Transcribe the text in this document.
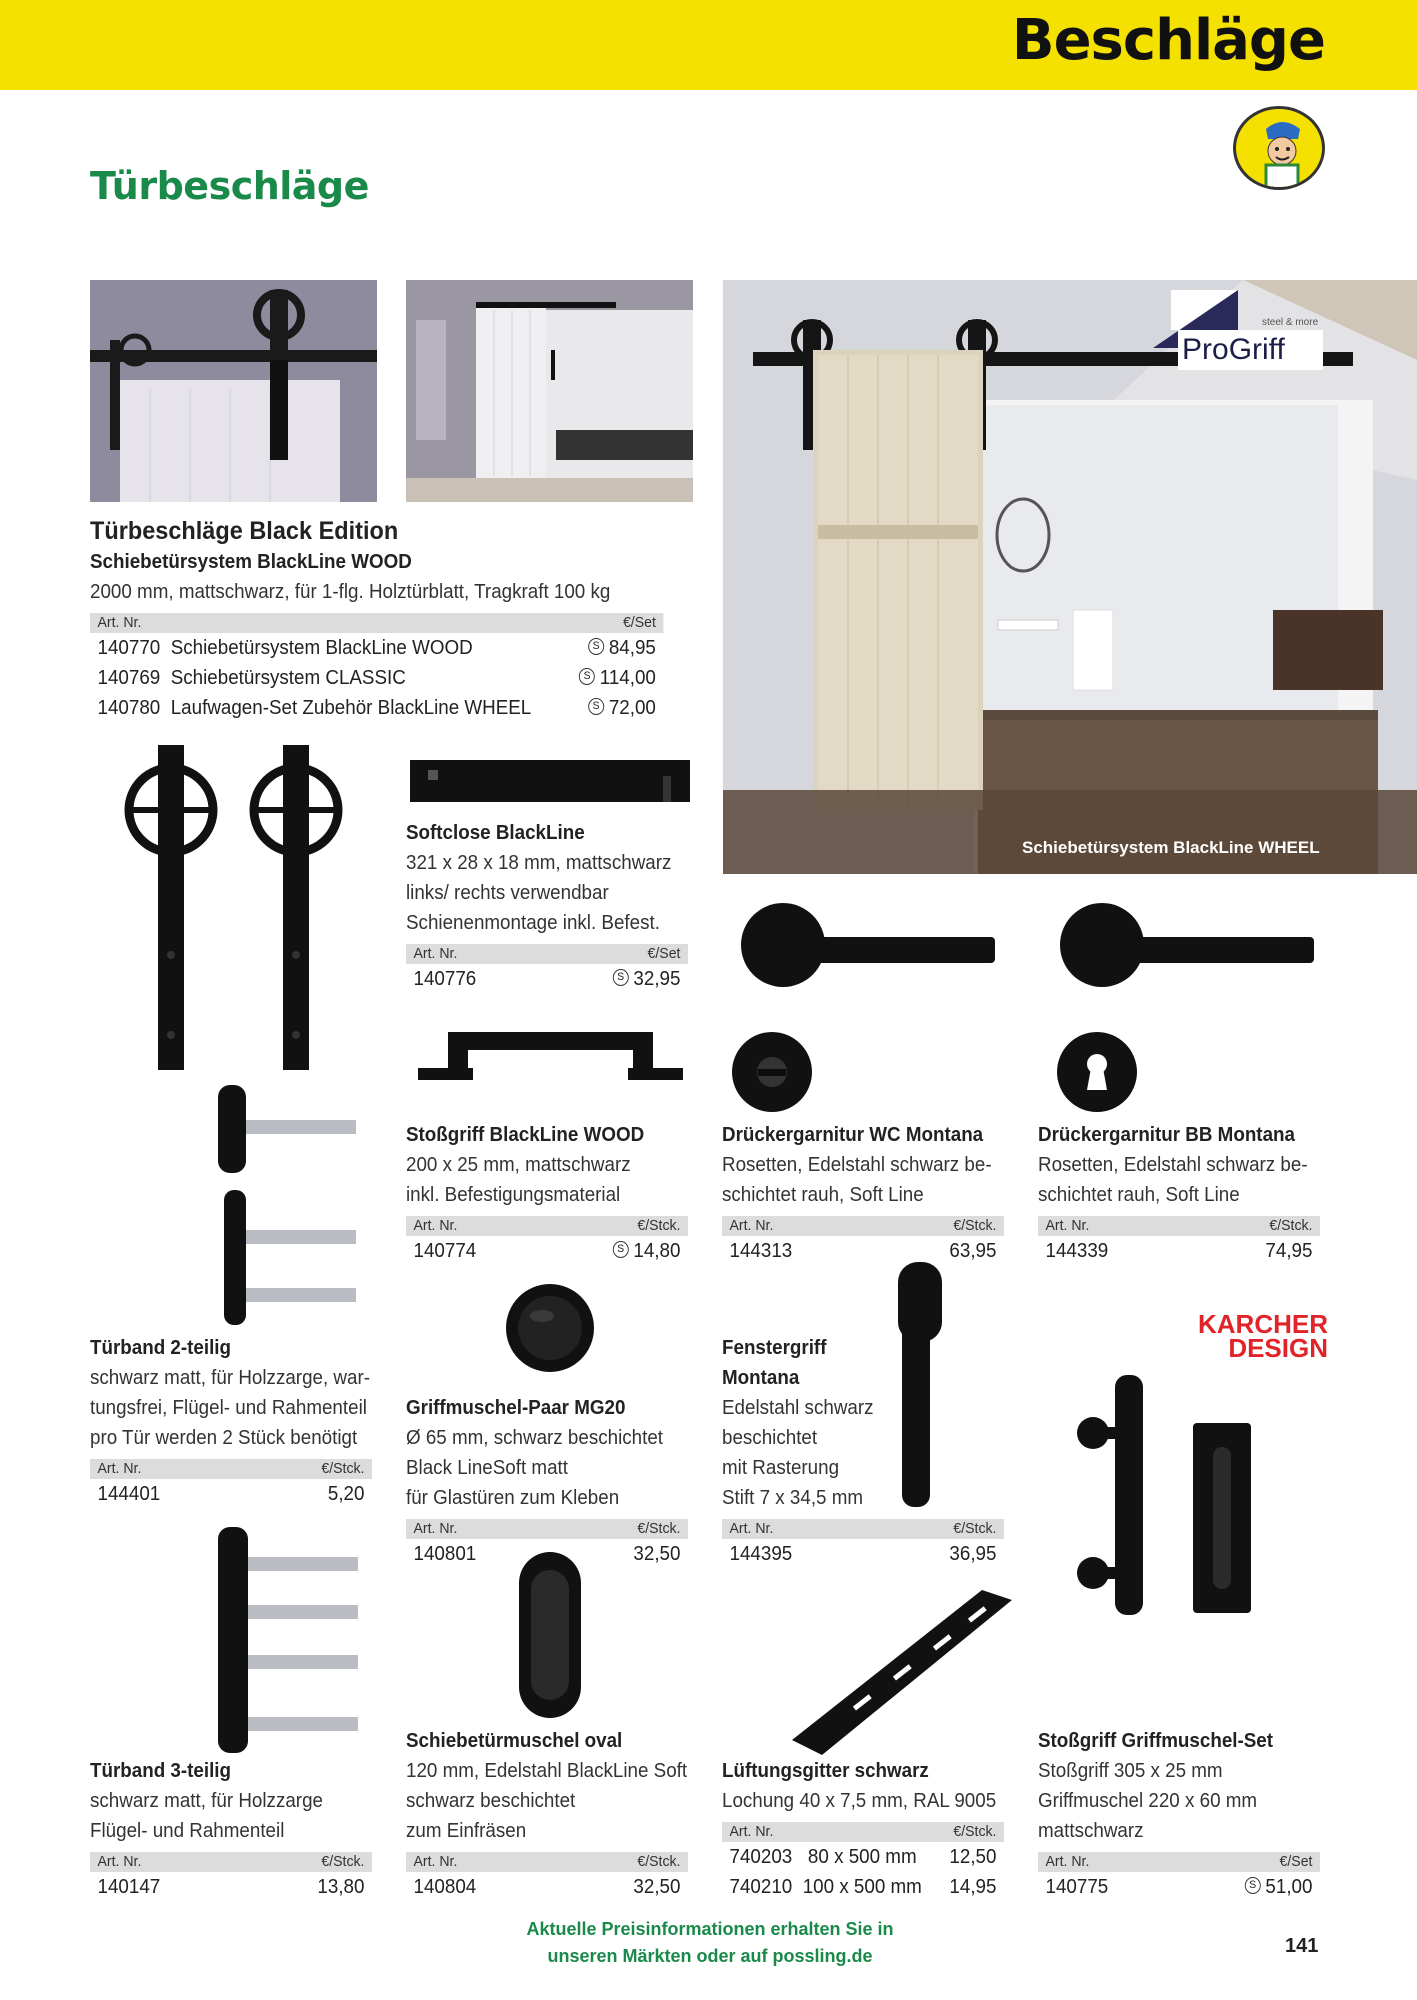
Beschläge
Türbeschläge
steel & more
ProGriff
Schiebetürsystem BlackLine WHEEL
Türbeschläge Black Edition
Schiebetürsystem BlackLine WOOD
2000 mm, mattschwarz, für 1-flg. Holztürblatt, Tragkraft 100 kg
Art. Nr.	€/Set
140770 Schiebetürsystem BlackLine WOOD	S 84,95
140769 Schiebetürsystem CLASSIC	S 114,00
140780 Laufwagen-Set Zubehör BlackLine WHEEL	S 72,00
Softclose BlackLine
321 x 28 x 18 mm, mattschwarz
links/ rechts verwendbar
Schienenmontage inkl. Befest.
Art. Nr.	€/Set
140776	S 32,95
Stoßgriff BlackLine WOOD
200 x 25 mm, mattschwarz
inkl. Befestigungsmaterial
Art. Nr.	€/Stck.
140774	S 14,80
Drückergarnitur WC Montana
Rosetten, Edelstahl schwarz be-
schichtet rauh, Soft Line
Art. Nr.	€/Stck.
144313	63,95
Drückergarnitur BB Montana
Rosetten, Edelstahl schwarz be-
schichtet rauh, Soft Line
Art. Nr.	€/Stck.
144339	74,95
KARCHER
DESIGN
Türband 2-teilig
schwarz matt, für Holzzarge, war-
tungsfrei, Flügel- und Rahmenteil
pro Tür werden 2 Stück benötigt
Art. Nr.	€/Stck.
144401	5,20
Fenstergriff
Montana
Edelstahl schwarz
beschichtet
mit Rasterung
Stift 7 x 34,5 mm
Art. Nr.	€/Stck.
144395	36,95
Griffmuschel-Paar MG20
Ø 65 mm, schwarz beschichtet
Black LineSoft matt
für Glastüren zum Kleben
Art. Nr.	€/Stck.
140801	32,50
Schiebetürmuschel oval
120 mm, Edelstahl BlackLine Soft
schwarz beschichtet
zum Einfräsen
Art. Nr.	€/Stck.
140804	32,50
Stoßgriff Griffmuschel-Set
Stoßgriff 305 x 25 mm
Griffmuschel 220 x 60 mm
mattschwarz
Art. Nr.	€/Set
140775	S 51,00
Türband 3-teilig
schwarz matt, für Holzzarge
Flügel- und Rahmenteil
Art. Nr.	€/Stck.
140147	13,80
Lüftungsgitter schwarz
Lochung 40 x 7,5 mm, RAL 9005
Art. Nr.	€/Stck.
740203 80 x 500 mm 12,50
740210 100 x 500 mm 14,95
Aktuelle Preisinformationen erhalten Sie in
unseren Märkten oder auf possling.de	141
